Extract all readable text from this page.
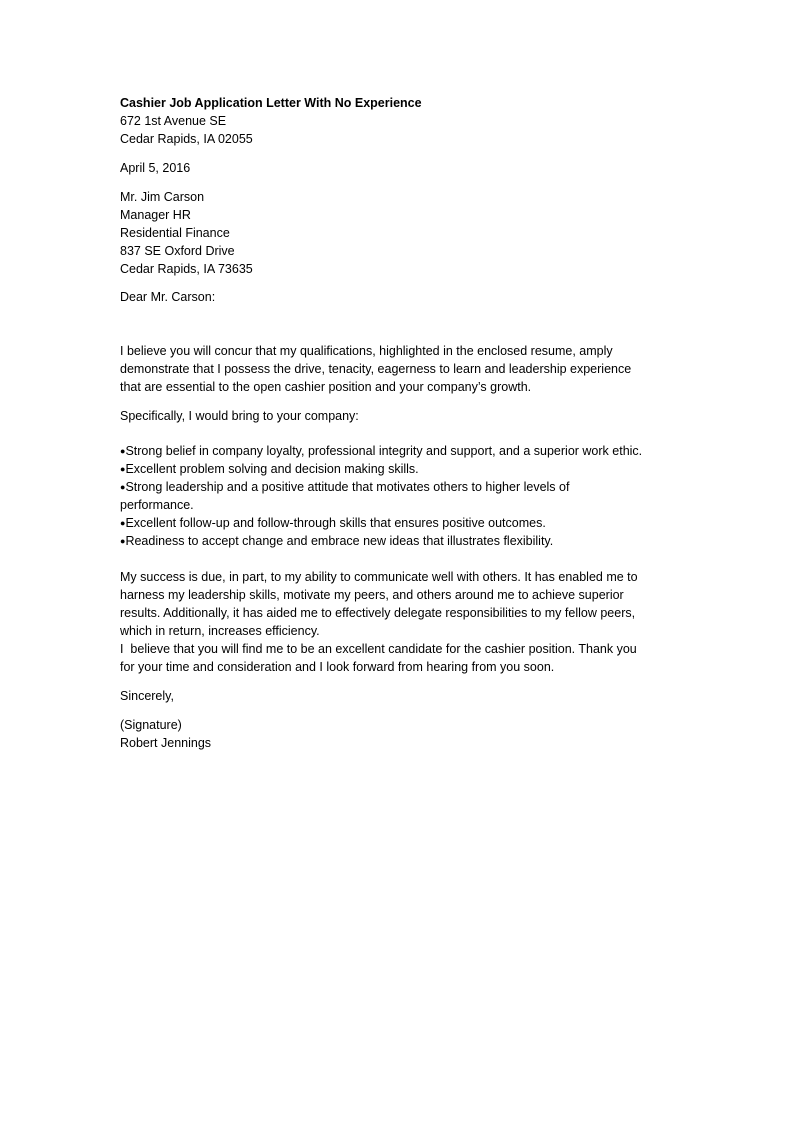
Cashier Job Application Letter With No Experience
672 1st Avenue SE
Cedar Rapids, IA 02055
April 5, 2016
Mr. Jim Carson
Manager HR
Residential Finance
837 SE Oxford Drive
Cedar Rapids, IA 73635
Dear Mr. Carson:
I believe you will concur that my qualifications, highlighted in the enclosed resume, amply
demonstrate that I possess the drive, tenacity, eagerness to learn and leadership experience
that are essential to the open cashier position and your company’s growth.
Specifically, I would bring to your company:
●Strong belief in company loyalty, professional integrity and support, and a superior work ethic.
●Excellent problem solving and decision making skills.
●Strong leadership and a positive attitude that motivates others to higher levels of
performance.
●Excellent follow-up and follow-through skills that ensures positive outcomes.
●Readiness to accept change and embrace new ideas that illustrates flexibility.
My success is due, in part, to my ability to communicate well with others. It has enabled me to
harness my leadership skills, motivate my peers, and others around me to achieve superior
results. Additionally, it has aided me to effectively delegate responsibilities to my fellow peers,
which in return, increases efficiency.
I  believe that you will find me to be an excellent candidate for the cashier position. Thank you
for your time and consideration and I look forward from hearing from you soon.
Sincerely,
(Signature)
Robert Jennings
